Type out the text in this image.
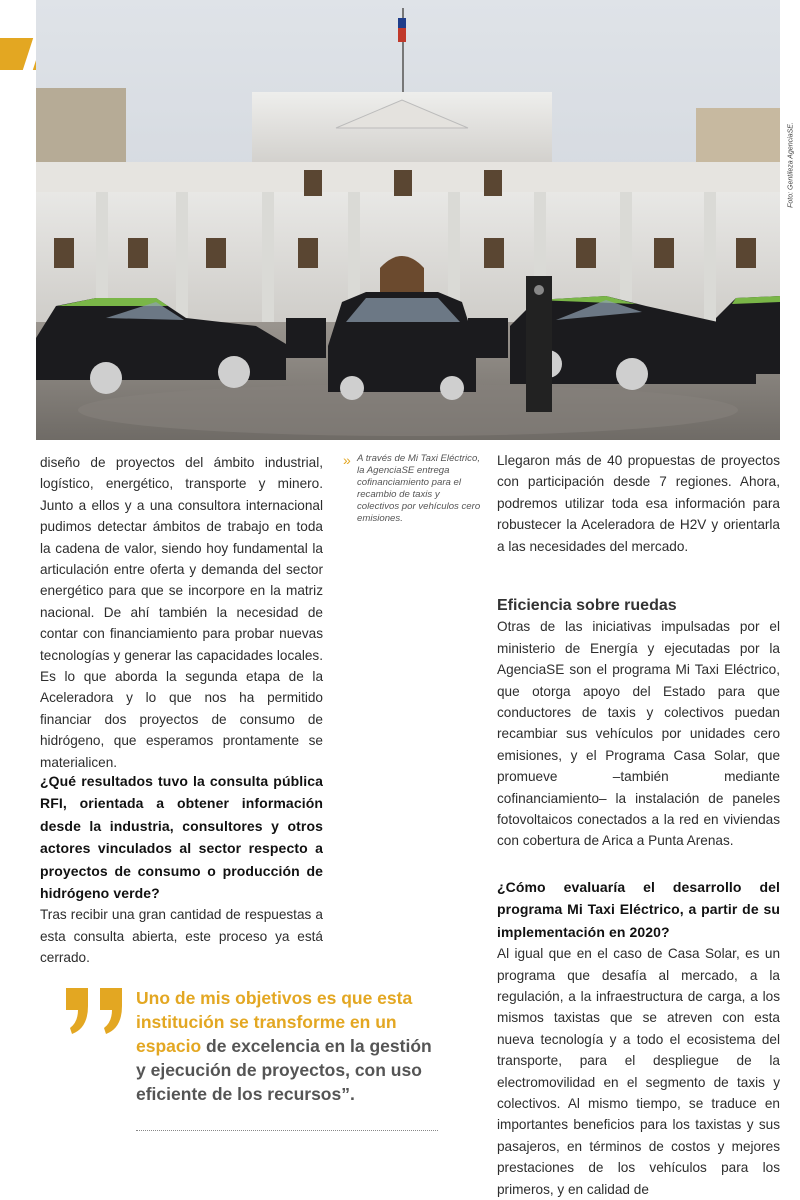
Foto: Gentileza AgenciaSE.
» A través de Mi Taxi Eléctrico, la AgenciaSE entrega cofinanciamiento para el recambio de taxis y colectivos por vehículos cero emisiones.

diseño de proyectos del ámbito industrial, logístico, energético, transporte y minero. Junto a ellos y a una consultora internacional pudimos detectar ámbitos de trabajo en toda la cadena de valor, siendo hoy fundamental la articulación entre oferta y demanda del sector energético para que se incorpore en la matriz nacional. De ahí también la necesidad de contar con financiamiento para probar nuevas tecnologías y generar las capacidades locales. Es lo que aborda la segunda etapa de la Aceleradora y lo que nos ha permitido financiar dos proyectos de consumo de hidrógeno, que esperamos prontamente se materialicen.

¿Qué resultados tuvo la consulta pública RFI, orientada a obtener información desde la industria, consultores y otros actores vinculados al sector respecto a proyectos de consumo o producción de hidrógeno verde?

Tras recibir una gran cantidad de respuestas a esta consulta abierta, este proceso ya está cerrado.

Uno de mis objetivos es que esta institución se transforme en un espacio de excelencia en la gestión y ejecución de proyectos, con uso eficiente de los recursos”.

Llegaron más de 40 propuestas de proyectos con participación desde 7 regiones. Ahora, podremos utilizar toda esa información para robustecer la Aceleradora de H2V y orientarla a las necesidades del mercado.

Eficiencia sobre ruedas

Otras de las iniciativas impulsadas por el ministerio de Energía y ejecutadas por la AgenciaSE son el programa Mi Taxi Eléctrico, que otorga apoyo del Estado para que conductores de taxis y colectivos puedan recambiar sus vehículos por unidades cero emisiones, y el Programa Casa Solar, que promueve –también mediante cofinanciamiento– la instalación de paneles fotovoltaicos conectados a la red en viviendas con cobertura de Arica a Punta Arenas.

¿Cómo evaluaría el desarrollo del programa Mi Taxi Eléctrico, a partir de su implementación en 2020?

Al igual que en el caso de Casa Solar, es un programa que desafía al mercado, a la regulación, a la infraestructura de carga, a los mismos taxistas que se atreven con esta nueva tecnología y a todo el ecosistema del transporte, para el despliegue de la electromovilidad en el segmento de taxis y colectivos. Al mismo tiempo, se traduce en importantes beneficios para los taxistas y sus pasajeros, en términos de costos y mejores prestaciones de los vehículos para los primeros, y en calidad de
